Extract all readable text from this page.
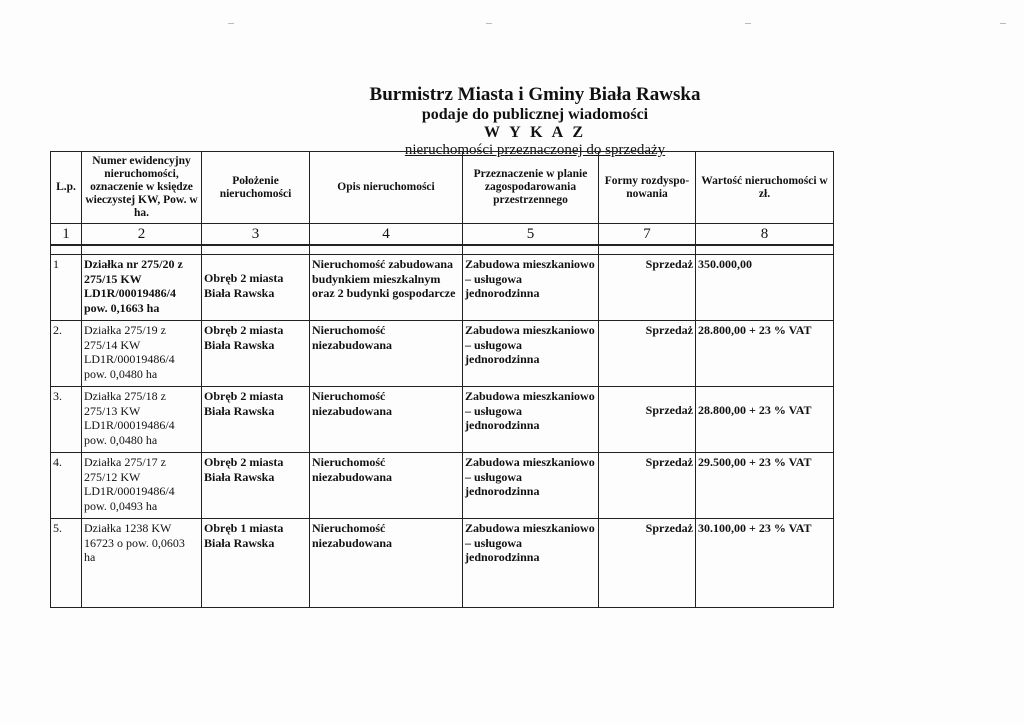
Burmistrz Miasta i Gminy Biała Rawska
podaje do publicznej wiadomości
W Y K A Z
nieruchomości przeznaczonej do sprzedaży
L.p.	Numer ewidencyjny nieruchomości, oznaczenie w księdze wieczystej KW, Pow. w ha.	Położenie nieruchomości	Opis nieruchomości	Przeznaczenie w planie zagospodarowania przestrzennego	Formy rozdyspo- nowania	Wartość nieruchomości w zł.
1	2	3	4	5	7	8

1	Działka nr 275/20 z 275/15 KW LD1R/00019486/4 pow. 0,1663 ha	Obręb 2 miasta Biała Rawska	Nieruchomość zabudowana budynkiem mieszkalnym oraz 2 budynki gospodarcze	Zabudowa mieszkaniowo – usługowa jednorodzinna	Sprzedaż	350.000,00
2.	Działka 275/19 z 275/14 KW LD1R/00019486/4 pow. 0,0480 ha	Obręb 2 miasta Biała Rawska	Nieruchomość niezabudowana	Zabudowa mieszkaniowo – usługowa jednorodzinna	Sprzedaż	28.800,00 + 23 % VAT
3.	Działka 275/18 z 275/13 KW LD1R/00019486/4 pow. 0,0480 ha	Obręb 2 miasta Biała Rawska	Nieruchomość niezabudowana	Zabudowa mieszkaniowo – usługowa jednorodzinna	Sprzedaż	28.800,00 + 23 % VAT
4.	Działka 275/17 z 275/12 KW LD1R/00019486/4 pow. 0,0493 ha	Obręb 2 miasta Biała Rawska	Nieruchomość niezabudowana	Zabudowa mieszkaniowo – usługowa jednorodzinna	Sprzedaż	29.500,00 + 23 % VAT
5.	Działka 1238 KW 16723 o pow. 0,0603 ha	Obręb 1 miasta Biała Rawska	Nieruchomość niezabudowana	Zabudowa mieszkaniowo – usługowa jednorodzinna	Sprzedaż	30.100,00 + 23 % VAT
